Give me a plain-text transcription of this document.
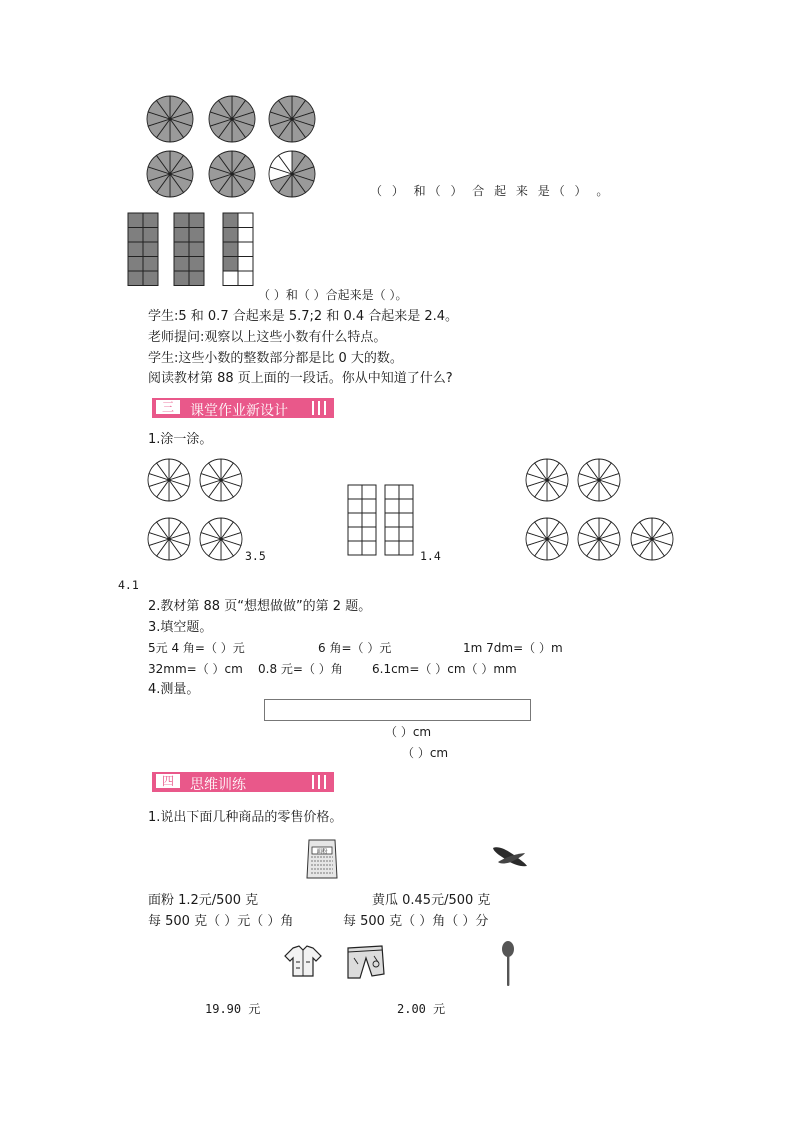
（ ） 和（ ） 合 起 来 是（ ） 。
（ ）和（ ）合起来是（ ）。
学生:5 和 0.7 合起来是 5.7;2 和 0.4 合起来是 2.4。
老师提问:观察以上这些小数有什么特点。
学生:这些小数的整数部分都是比 0 大的数。
阅读教材第 88 页上面的一段话。你从中知道了什么?
三	课堂作业新设计
1.涂一涂。
3.5	1.4
4.1
2.教材第 88 页“想想做做”的第 2 题。
3.填空题。
5元 4 角=（ ）元	6 角=（ ）元	1m 7dm=（ ）m
32mm=（ ）cm 0.8 元=（ ）角 6.1cm=（ ）cm（ ）mm
4.测量。
（ ）cm
（ ）cm
四	思维训练
1.说出下面几种商品的零售价格。
面粉
面粉 1.2元/500 克	黄瓜 0.45元/500 克
每 500 克（ ）元（ ）角	每 500 克（ ）角（ ）分
19.90 元	2.00 元
